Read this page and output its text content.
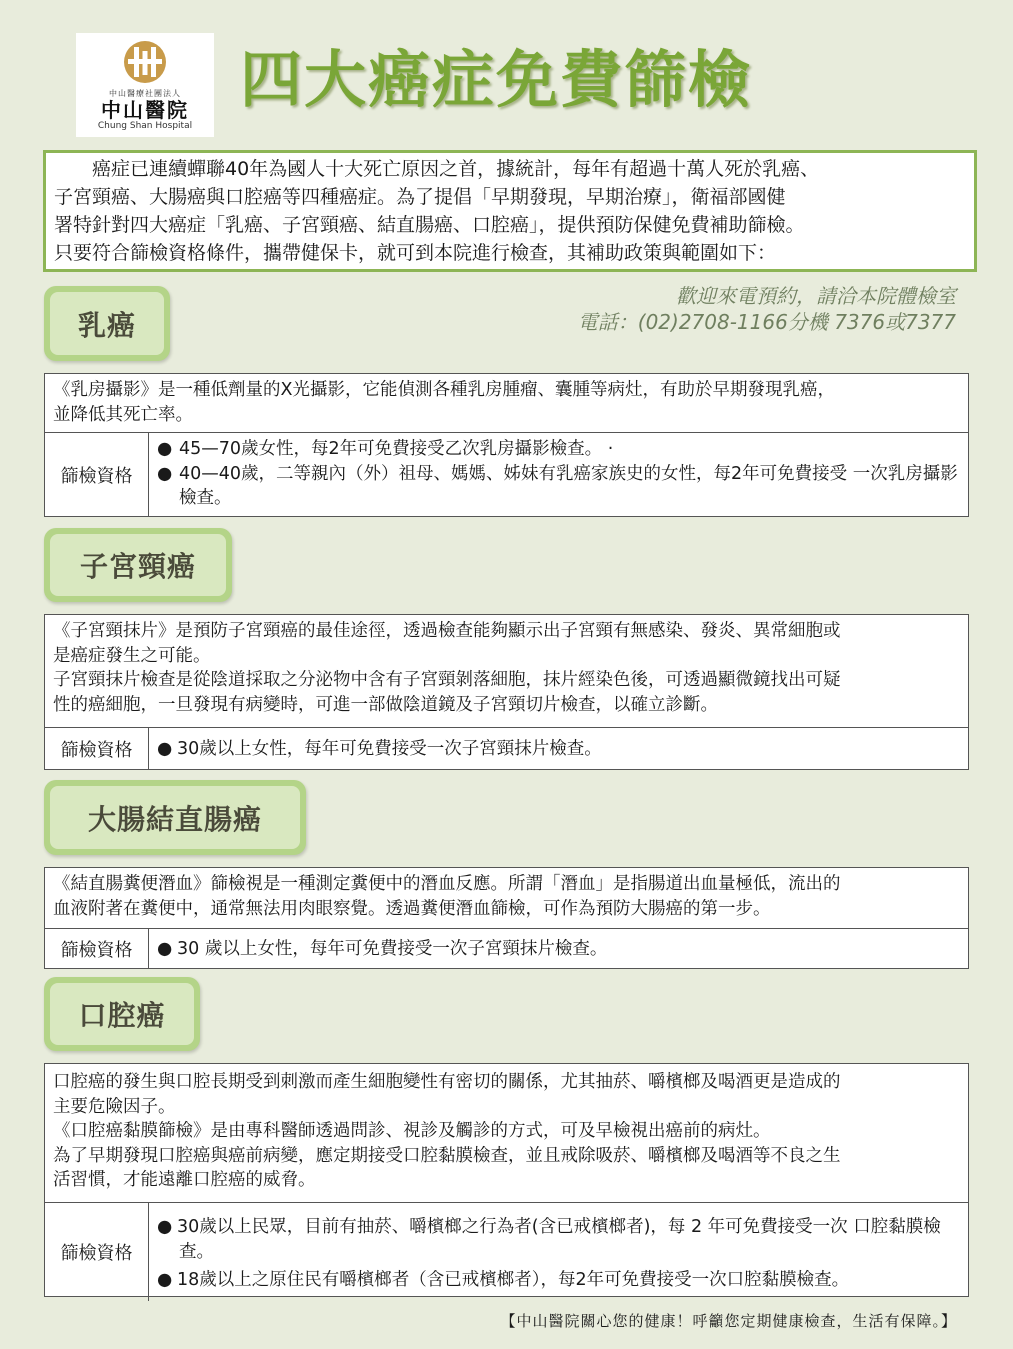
中山醫療社團法人
中山醫院
Chung Shan Hospital
四大癌症免費篩檢
　　癌症已連續蟬聯40年為國人十大死亡原因之首，據統計，每年有超過十萬人死於乳癌、
子宮頸癌、大腸癌與口腔癌等四種癌症。為了提倡「早期發現，早期治療」，衛福部國健
署特針對四大癌症「乳癌、子宮頸癌、結直腸癌、口腔癌」，提供預防保健免費補助篩檢。
只要符合篩檢資格條件，攜帶健保卡，就可到本院進行檢查，其補助政策與範圍如下：
歡迎來電預約，請洽本院體檢室
電話：(02)2708-1166分機 7376或7377
乳癌
《乳房攝影》是一種低劑量的X光攝影，它能偵測各種乳房腫瘤、囊腫等病灶，有助於早期發現乳癌，
並降低其死亡率。
篩檢資格
● 45—70歲女性，每2年可免費接受乙次乳房攝影檢查。 ·
● 40—40歲，二等親內（外）祖母、媽媽、姊妹有乳癌家族史的女性，每2年可免費接受 一次乳房攝影檢查。
子宮頸癌
《子宮頸抹片》是預防子宮頸癌的最佳途徑，透過檢查能夠顯示出子宮頸有無感染、發炎、異常細胞或
是癌症發生之可能。
子宮頸抹片檢查是從陰道採取之分泌物中含有子宮頸剝落細胞，抹片經染色後，可透過顯微鏡找出可疑
性的癌細胞，一旦發現有病變時，可進一部做陰道鏡及子宮頸切片檢查，以確立診斷。
篩檢資格	● 30歲以上女性，每年可免費接受一次子宮頸抹片檢查。
大腸結直腸癌
《結直腸糞便潛血》篩檢視是一種測定糞便中的潛血反應。所謂「潛血」是指腸道出血量極低，流出的
血液附著在糞便中，通常無法用肉眼察覺。透過糞便潛血篩檢，可作為預防大腸癌的第一步。
篩檢資格	● 30 歲以上女性，每年可免費接受一次子宮頸抹片檢查。
口腔癌
口腔癌的發生與口腔長期受到刺激而產生細胞變性有密切的關係，尤其抽菸、嚼檳榔及喝酒更是造成的
主要危險因子。
《口腔癌黏膜篩檢》是由專科醫師透過問診、視診及觸診的方式，可及早檢視出癌前的病灶。
為了早期發現口腔癌與癌前病變，應定期接受口腔黏膜檢查，並且戒除吸菸、嚼檳榔及喝酒等不良之生
活習慣，才能遠離口腔癌的威脅。
篩檢資格
● 30歲以上民眾，目前有抽菸、嚼檳榔之行為者(含已戒檳榔者)，每 2 年可免費接受一次 口腔黏膜檢查。
● 18歲以上之原住民有嚼檳榔者（含已戒檳榔者），每2年可免費接受一次口腔黏膜檢查。
【中山醫院關心您的健康！呼籲您定期健康檢查，生活有保障。】
